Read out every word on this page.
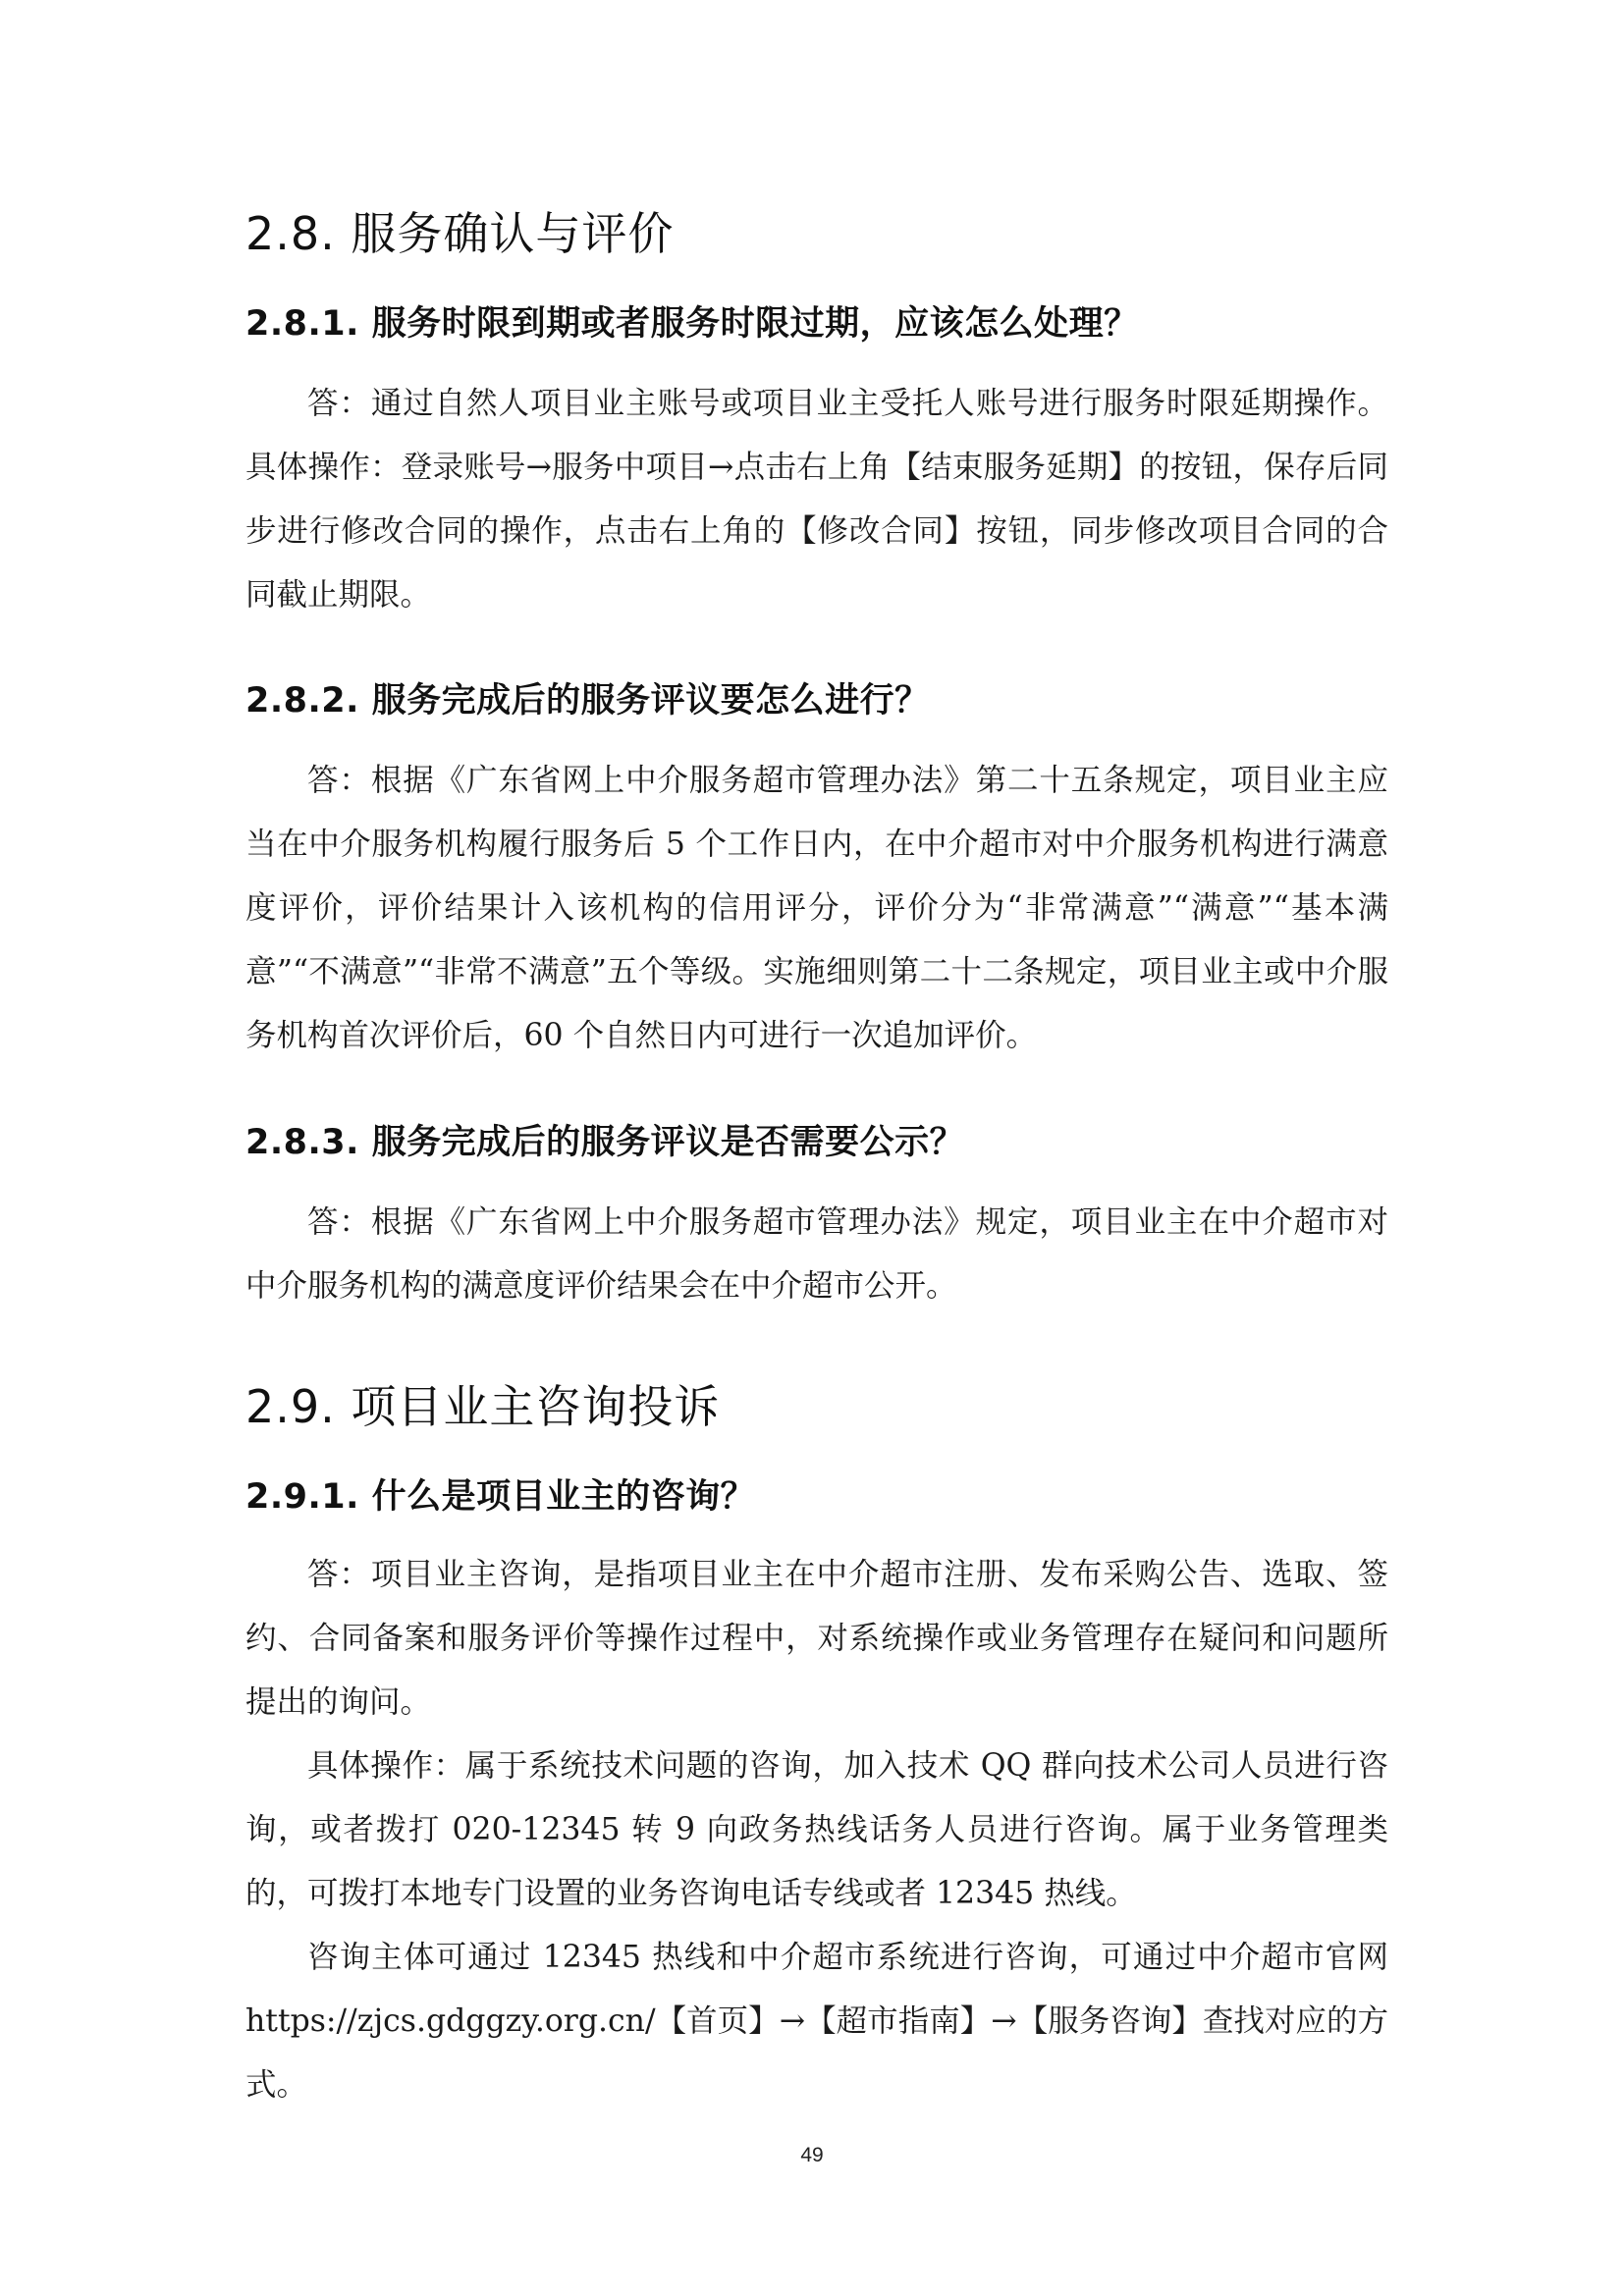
2.8. 服务确认与评价
2.8.1. 服务时限到期或者服务时限过期，应该怎么处理？

答：通过自然人项目业主账号或项目业主受托人账号进行服务时限延期操作。具体操作：登录账号→服务中项目→点击右上角【结束服务延期】的按钮，保存后同步进行修改合同的操作，点击右上角的【修改合同】按钮，同步修改项目合同的合同截止期限。

2.8.2. 服务完成后的服务评议要怎么进行？

答：根据《广东省网上中介服务超市管理办法》第二十五条规定，项目业主应当在中介服务机构履行服务后 5 个工作日内，在中介超市对中介服务机构进行满意度评价，评价结果计入该机构的信用评分，评价分为“非常满意”“满意”“基本满意”“不满意”“非常不满意”五个等级。实施细则第二十二条规定，项目业主或中介服务机构首次评价后，60 个自然日内可进行一次追加评价。

2.8.3. 服务完成后的服务评议是否需要公示？

答：根据《广东省网上中介服务超市管理办法》规定，项目业主在中介超市对中介服务机构的满意度评价结果会在中介超市公开。

2.9. 项目业主咨询投诉
2.9.1. 什么是项目业主的咨询？

答：项目业主咨询，是指项目业主在中介超市注册、发布采购公告、选取、签约、合同备案和服务评价等操作过程中，对系统操作或业务管理存在疑问和问题所提出的询问。

具体操作：属于系统技术问题的咨询，加入技术 QQ 群向技术公司人员进行咨询，或者拨打 020-12345 转 9 向政务热线话务人员进行咨询。属于业务管理类的，可拨打本地专门设置的业务咨询电话专线或者 12345 热线。

咨询主体可通过 12345 热线和中介超市系统进行咨询，可通过中介超市官网 https://zjcs.gdggzy.org.cn/【首页】→【超市指南】→【服务咨询】查找对应的方式。

49
